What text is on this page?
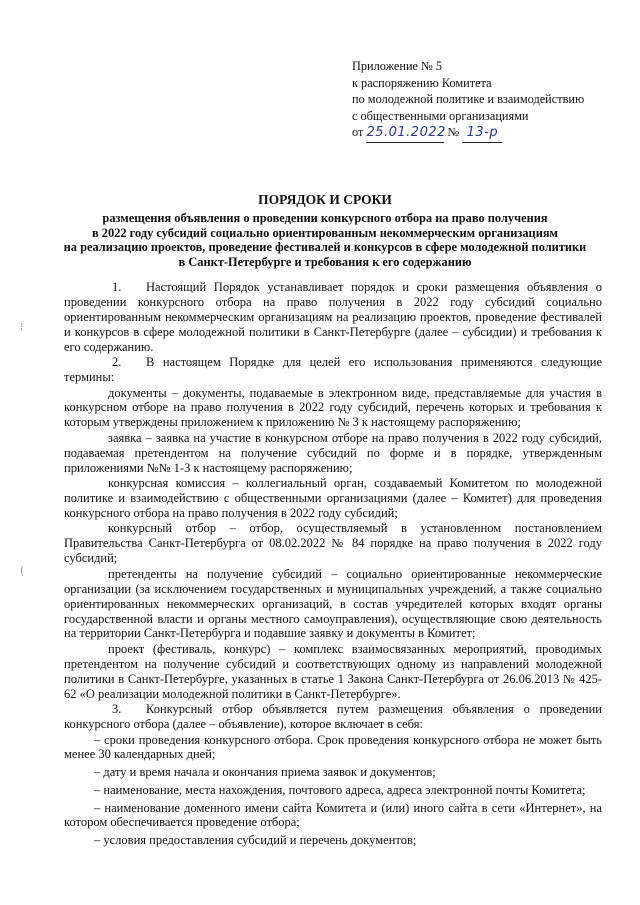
Приложение № 5
к распоряжению Комитета
по молодежной политике и взаимодействию
с общественными организациями
от 25.01.2022 № 13-р
ПОРЯДОК И СРОКИ
размещения объявления о проведении конкурсного отбора на право получения
в 2022 году субсидий социально ориентированным некоммерческим организациям
на реализацию проектов, проведение фестивалей и конкурсов в сфере молодежной политики
в Санкт-Петербурге и требования к его содержанию
⁝
(

1. Настоящий Порядок устанавливает порядок и сроки размещения объявления о проведении конкурсного отбора на право получения в 2022 году субсидий социально ориентированным некоммерческим организациям на реализацию проектов, проведение фестивалей и конкурсов в сфере молодежной политики в Санкт-Петербурге (далее – субсидии) и требования к его содержанию.

2. В настоящем Порядке для целей его использования применяются следующие термины:

документы – документы, подаваемые в электронном виде, представляемые для участия в конкурсном отборе на право получения в 2022 году субсидий, перечень которых и требования к которым утверждены приложением к приложению № 3 к настоящему распоряжению;

заявка – заявка на участие в конкурсном отборе на право получения в 2022 году субсидий, подаваемая претендентом на получение субсидий по форме и в порядке, утвержденным приложениями №№ 1-3 к настоящему распоряжению;

конкурсная комиссия – коллегиальный орган, создаваемый Комитетом по молодежной политике и взаимодействию с общественными организациями (далее – Комитет) для проведения конкурсного отбора на право получения в 2022 году субсидий;

конкурсный отбор – отбор, осуществляемый в установленном постановлением Правительства Санкт-Петербурга от 08.02.2022 № 84 порядке на право получения в 2022 году субсидий;

претенденты на получение субсидий – социально ориентированные некоммерческие организации (за исключением государственных и муниципальных учреждений, а также социально ориентированных некоммерческих организаций, в состав учредителей которых входят органы государственной власти и органы местного самоуправления), осуществляющие свою деятельность на территории Санкт-Петербурга и подавшие заявку и документы в Комитет;

проект (фестиваль, конкурс) – комплекс взаимосвязанных мероприятий, проводимых претендентом на получение субсидий и соответствующих одному из направлений молодежной политики в Санкт-Петербурге, указанных в статье 1 Закона Санкт-Петербурга от 26.06.2013 № 425-62 «О реализации молодежной политики в Санкт-Петербурге».

3. Конкурсный отбор объявляется путем размещения объявления о проведении конкурсного отбора (далее – объявление), которое включает в себя:

– сроки проведения конкурсного отбора. Срок проведения конкурсного отбора не может быть менее 30 календарных дней;

– дату и время начала и окончания приема заявок и документов;

– наименование, места нахождения, почтового адреса, адреса электронной почты Комитета;

– наименование доменного имени сайта Комитета и (или) иного сайта в сети «Интернет», на котором обеспечивается проведение отбора;

– условия предоставления субсидий и перечень документов;
